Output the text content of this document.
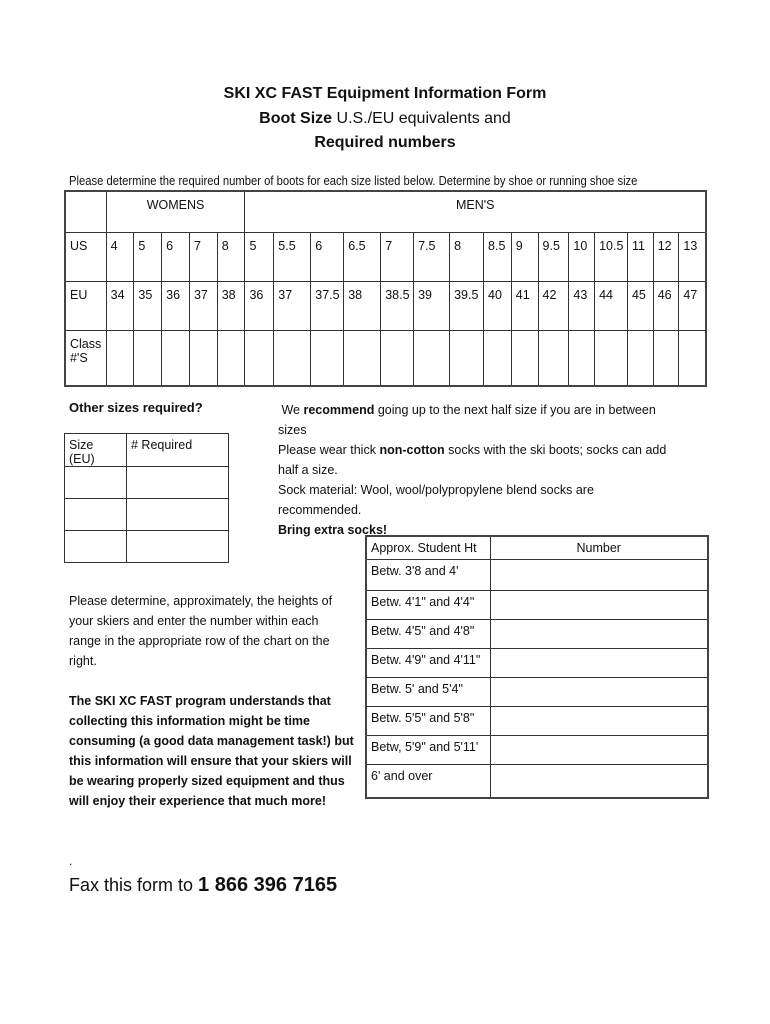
SKI XC FAST Equipment Information Form
Boot Size U.S./EU equivalents and
Required numbers
Please determine the required number of boots for each size listed below. Determine by shoe or running shoe size
	WOMENS					MEN'S														
US	4	5	6	7	8	5	5.5	6	6.5	7	7.5	8	8.5	9	9.5	10	10.5	11	12	13
EU	34	35	36	37	38	36	37	37.5	38	38.5	39	39.5	40	41	42	43	44	45	46	47
Class
#'S																				
Other sizes required?
Size (EU)	# Required

We recommend going up to the next half size if you are in between sizes
Please wear thick non-cotton socks with the ski boots; socks can add
half a size.
Sock material: Wool, wool/polypropylene blend socks are
recommended.
Bring extra socks!
Approx. Student Ht	Number
Betw. 3'8 and 4'	
Betw. 4'1" and 4'4"	
Betw. 4'5" and 4'8"	
Betw. 4'9" and 4'11"	
Betw. 5' and 5'4"	
Betw. 5'5" and 5'8"	
Betw, 5'9" and 5'11'	
6' and over	
Please determine, approximately, the heights of your skiers and enter the number within each range in the appropriate row of the chart on the right.
The SKI XC FAST program understands that collecting this information might be time consuming (a good data management task!) but this information will ensure that your skiers will be wearing properly sized equipment and thus will enjoy their experience that much more!
.
Fax this form to 1 866 396 7165
